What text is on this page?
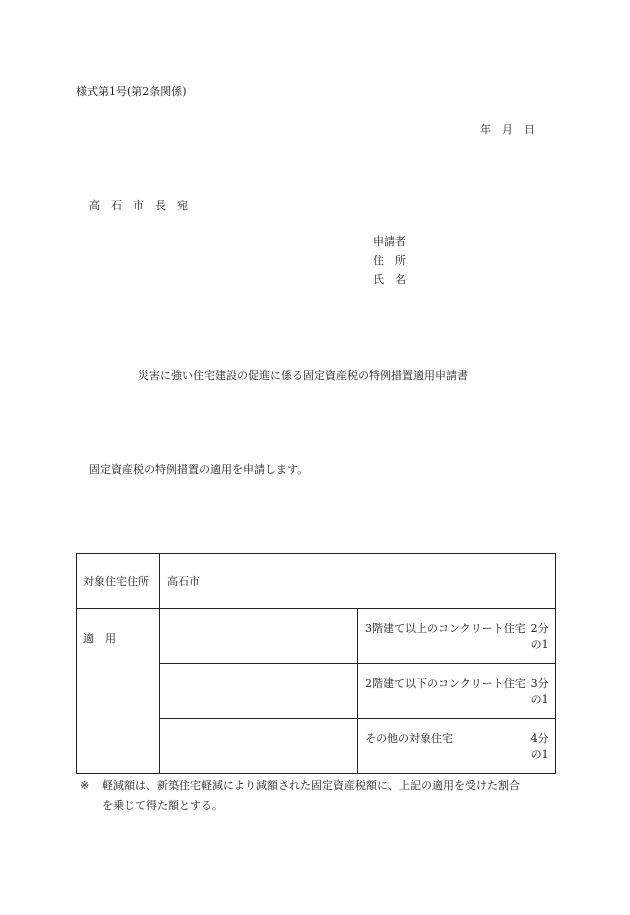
様式第1号(第2条関係)
年　月　日
高　石　市　長　宛
申請者
住　所
氏　名
災害に強い住宅建設の促進に係る固定資産税の特例措置適用申請書
固定資産税の特例措置の適用を申請します。
対象住宅住所	高石市	
適　用		3階建て以上のコンクリート住宅 2分の1

		2階建て以下のコンクリート住宅 3分の1

		その他の対象住宅 4分の1
※ 軽減額は、新築住宅軽減により減額された固定資産税額に、上記の適用を受けた割合
を乗じて得た額とする。
